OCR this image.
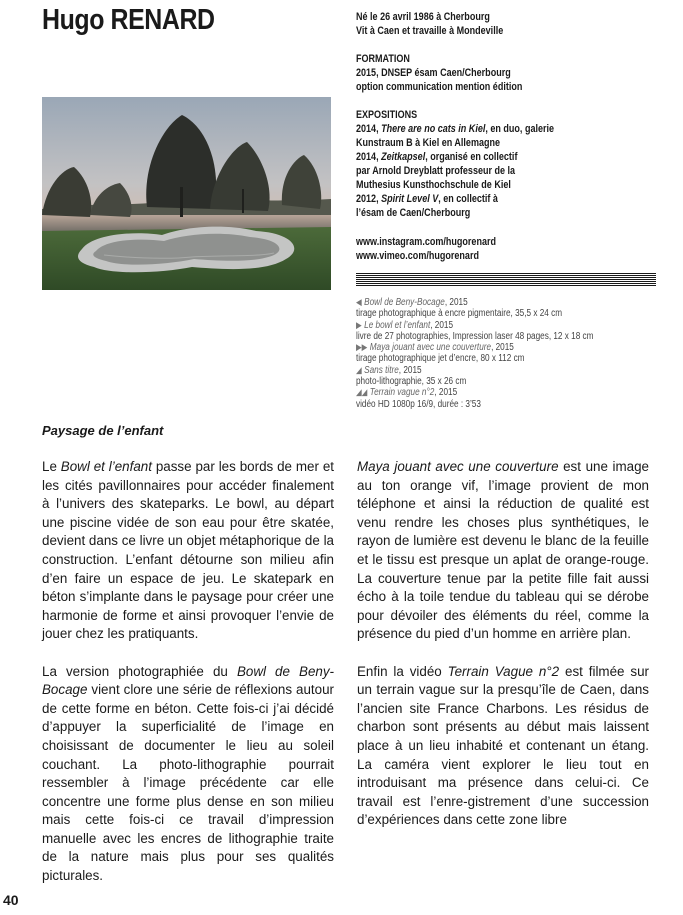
Hugo RENARD	Né le 26 avril 1986 à Cherbourg
Vit à Caen et travaille à Mondeville
FORMATION
2015, DNSEP ésam Caen/Cherbourg
option communication mention édition
EXPOSITIONS
2014, There are no cats in Kiel, en duo, galerie
Kunstraum B à Kiel en Allemagne
2014, Zeitkapsel, organisé en collectif
par Arnold Dreyblatt professeur de la
Muthesius Kunsthochschule de Kiel
2012, Spirit Level V, en collectif à
l’ésam de Caen/Cherbourg
www.instagram.com/hugorenard
www.vimeo.com/hugorenard
◀ Bowl de Beny-Bocage, 2015
tirage photographique à encre pigmentaire, 35,5 x 24 cm
▶ Le bowl et l’enfant, 2015
livre de 27 photographies, Impression laser 48 pages, 12 x 18 cm
▶▶ Maya jouant avec une couverture, 2015
tirage photographique jet d’encre, 80 x 112 cm
◢ Sans titre, 2015
photo-lithographie, 35 x 26 cm
◢◢ Terrain vague n°2, 2015
vidéo HD 1080p 16/9, durée : 3’53
Paysage de l’enfant

Le Bowl et l’enfant passe par les bords de mer et les cités pavillonnaires pour accéder finalement à l’univers des skateparks. Le bowl, au départ une piscine vidée de son eau pour être skatée, devient dans ce livre un objet métaphorique de la construction. L’enfant détourne son milieu afin d’en faire un espace de jeu. Le skatepark en béton s’implante dans le paysage pour créer une harmonie de forme et ainsi provoquer l’envie de jouer chez les pratiquants.

La version photographiée du Bowl de Beny-Bocage vient clore une série de réflexions autour de cette forme en béton. Cette fois-ci j’ai décidé d’appuyer la superficialité de l’image en choisissant de documenter le lieu au soleil couchant. La photo-lithographie pourrait ressembler à l’image précédente car elle concentre une forme plus dense en son milieu mais cette fois-ci ce travail d’impression manuelle avec les encres de lithographie traite de la nature mais plus pour ses qualités picturales.

Maya jouant avec une couverture est une image au ton orange vif, l’image provient de mon téléphone et ainsi la réduction de qualité est venu rendre les choses plus synthétiques, le rayon de lumière est devenu le blanc de la feuille et le tissu est presque un aplat de orange-rouge. La couverture tenue par la petite fille fait aussi écho à la toile tendue du tableau qui se dérobe pour dévoiler des éléments du réel, comme la présence du pied d’un homme en arrière plan.

Enfin la vidéo Terrain Vague n°2 est filmée sur un terrain vague sur la presqu’île de Caen, dans l’ancien site France Charbons. Les résidus de charbon sont présents au début mais laissent place à un lieu inhabité et contenant un étang. La caméra vient explorer le lieu tout en introduisant ma présence dans celui-ci. Ce travail est l’enre-gistrement d’une succession d’expériences dans cette zone libre

40
